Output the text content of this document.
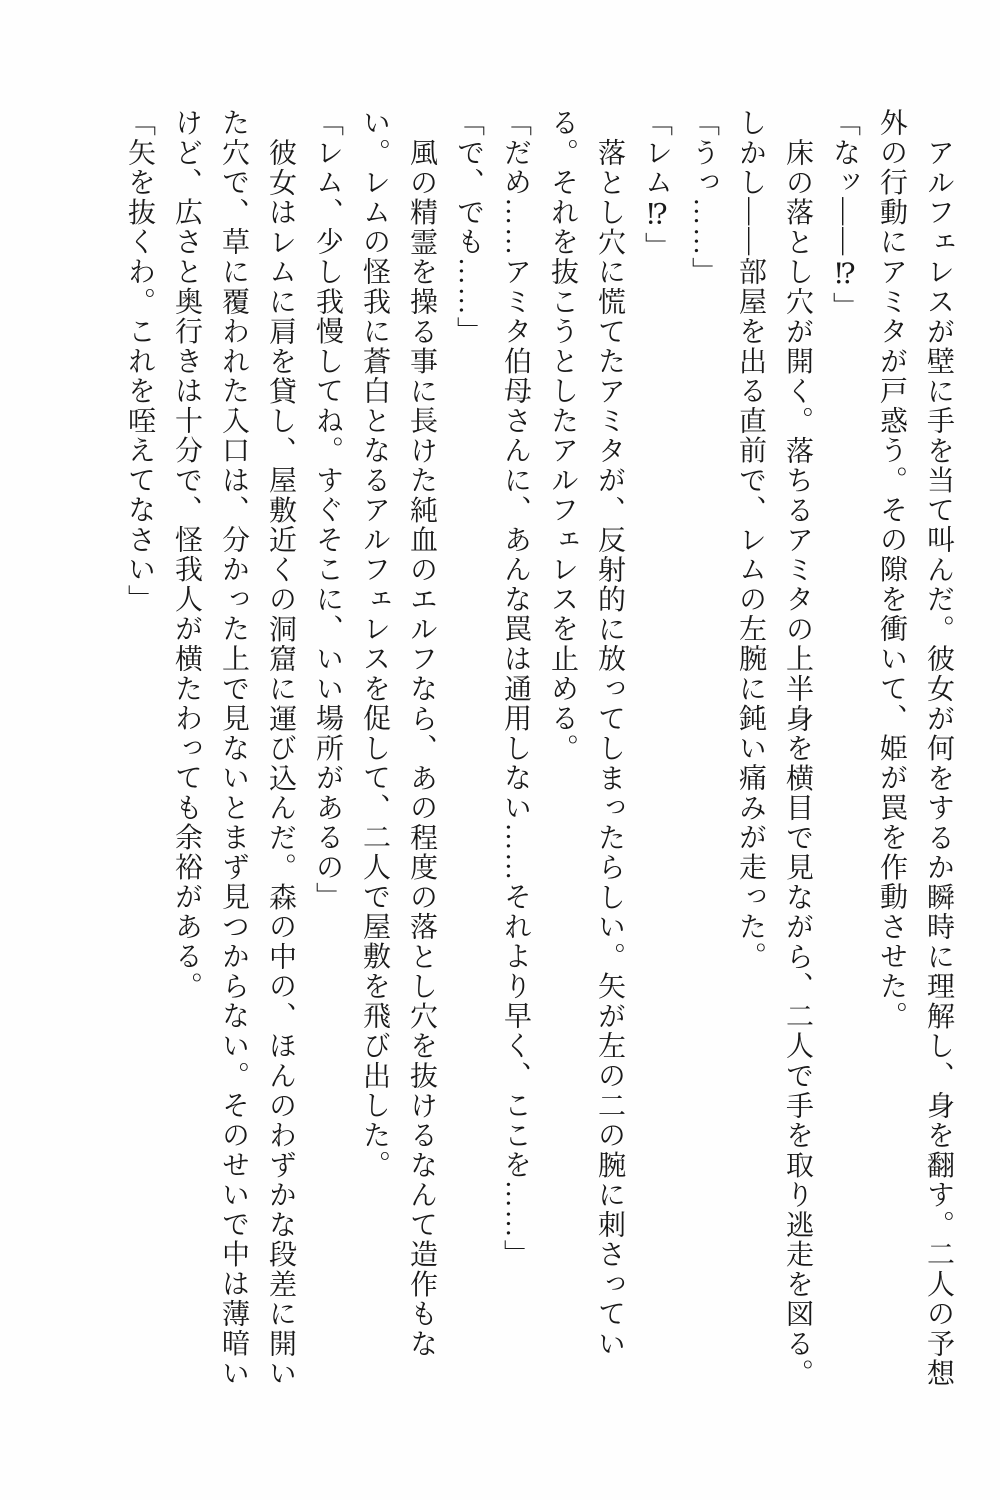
アルフェレスが壁に手を当て叫んだ。彼女が何をするか瞬時に理解し、身を翻す。二人の予想外の行動にアミタが戸惑う。その隙を衝いて、姫が罠を作動させた。

「なッ――⁉」

床の落とし穴が開く。落ちるアミタの上半身を横目で見ながら、二人で手を取り逃走を図る。

しかし――部屋を出る直前で、レムの左腕に鈍い痛みが走った。

「うっ……」

「レム⁉」

落とし穴に慌てたアミタが、反射的に放ってしまったらしい。矢が左の二の腕に刺さっている。それを抜こうとしたアルフェレスを止める。

「だめ……アミタ伯母さんに、あんな罠は通用しない……それより早く、ここを……」

「で、でも……」

風の精霊を操る事に長けた純血のエルフなら、あの程度の落とし穴を抜けるなんて造作もない。レムの怪我に蒼白となるアルフェレスを促して、二人で屋敷を飛び出した。

「レム、少し我慢してね。すぐそこに、いい場所があるの」

彼女はレムに肩を貸し、屋敷近くの洞窟に運び込んだ。森の中の、ほんのわずかな段差に開いた穴で、草に覆われた入口は、分かった上で見ないとまず見つからない。そのせいで中は薄暗いけど、広さと奥行きは十分で、怪我人が横たわっても余裕がある。

「矢を抜くわ。これを咥えてなさい」
